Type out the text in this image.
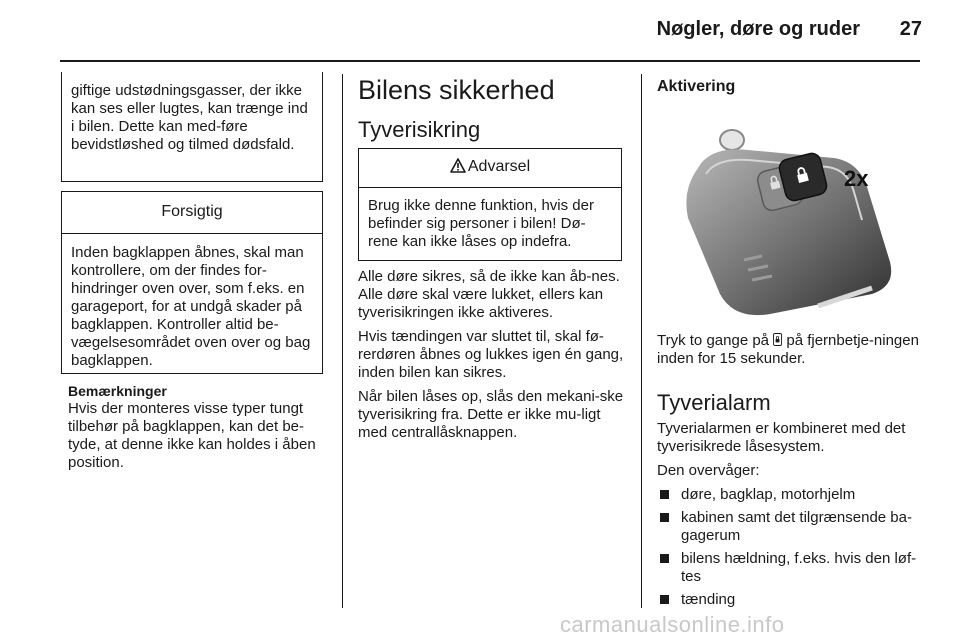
Nøgler, døre og ruder	27
giftige udstødningsgasser, der ikke kan ses eller lugtes, kan trænge ind i bilen. Dette kan med-føre bevidstløshed og tilmed dødsfald.
Forsigtig
Inden bagklappen åbnes, skal man kontrollere, om der findes for-hindringer oven over, som f.eks. en garageport, for at undgå skader på bagklappen. Kontroller altid be-vægelsesområdet oven over og bag bagklappen.
Bemærkninger
Hvis der monteres visse typer tungt tilbehør på bagklappen, kan det be-tyde, at denne ikke kan holdes i åben position.
Bilens sikkerhed
Tyverisikring
Advarsel
Brug ikke denne funktion, hvis der befinder sig personer i bilen! Dø-rene kan ikke låses op indefra.

Alle døre sikres, så de ikke kan åb-nes. Alle døre skal være lukket, ellers kan tyverisikringen ikke aktiveres.

Hvis tændingen var sluttet til, skal fø-rerdøren åbnes og lukkes igen én gang, inden bilen kan sikres.

Når bilen låses op, slås den mekani-ske tyverisikring fra. Dette er ikke mu-ligt med centrallåsknappen.

Aktivering
2x
Tryk to gange på på fjernbetje-ningen inden for 15 sekunder.
Tyverialarm

Tyverialarmen er kombineret med det tyverisikrede låsesystem.

Den overvåger:

døre, bagklap, motorhjelm
kabinen samt det tilgrænsende ba-gagerum
bilens hældning, f.eks. hvis den løf-tes
tænding
carmanualsonline.info
